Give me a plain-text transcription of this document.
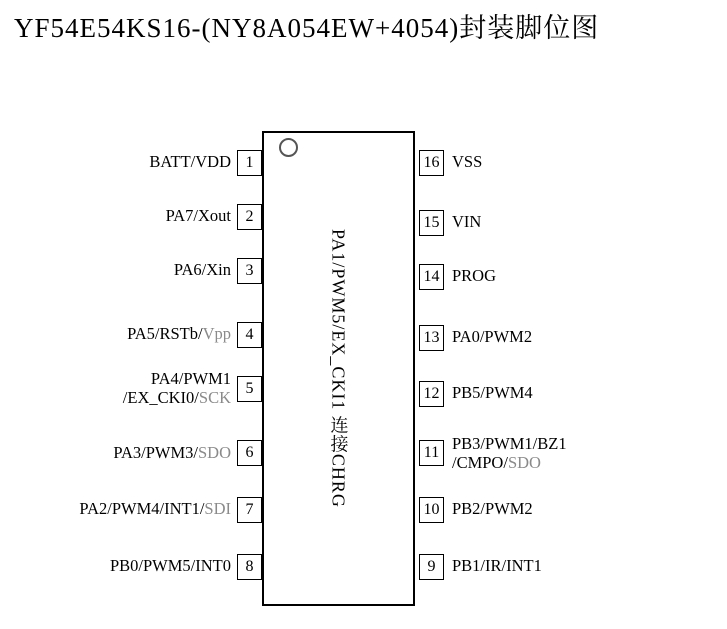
YF54E54KS16-(NY8A054EW+4054)封装脚位图
PA1/PWM5/EX_CKI1 连接CHRG
1
BATT/VDD
2
PA7/Xout
3
PA6/Xin
4
PA5/RSTb/Vpp
5
PA4/PWM1
/EX_CKI0/SCK
6
PA3/PWM3/SDO
7
PA2/PWM4/INT1/SDI
8
PB0/PWM5/INT0
16 VSS
15 VIN
14 PROG
13 PA0/PWM2
12 PB5/PWM4
11 PB3/PWM1/BZ1
/CMPO/SDO
10 PB2/PWM2
9	PB1/IR/INT1
